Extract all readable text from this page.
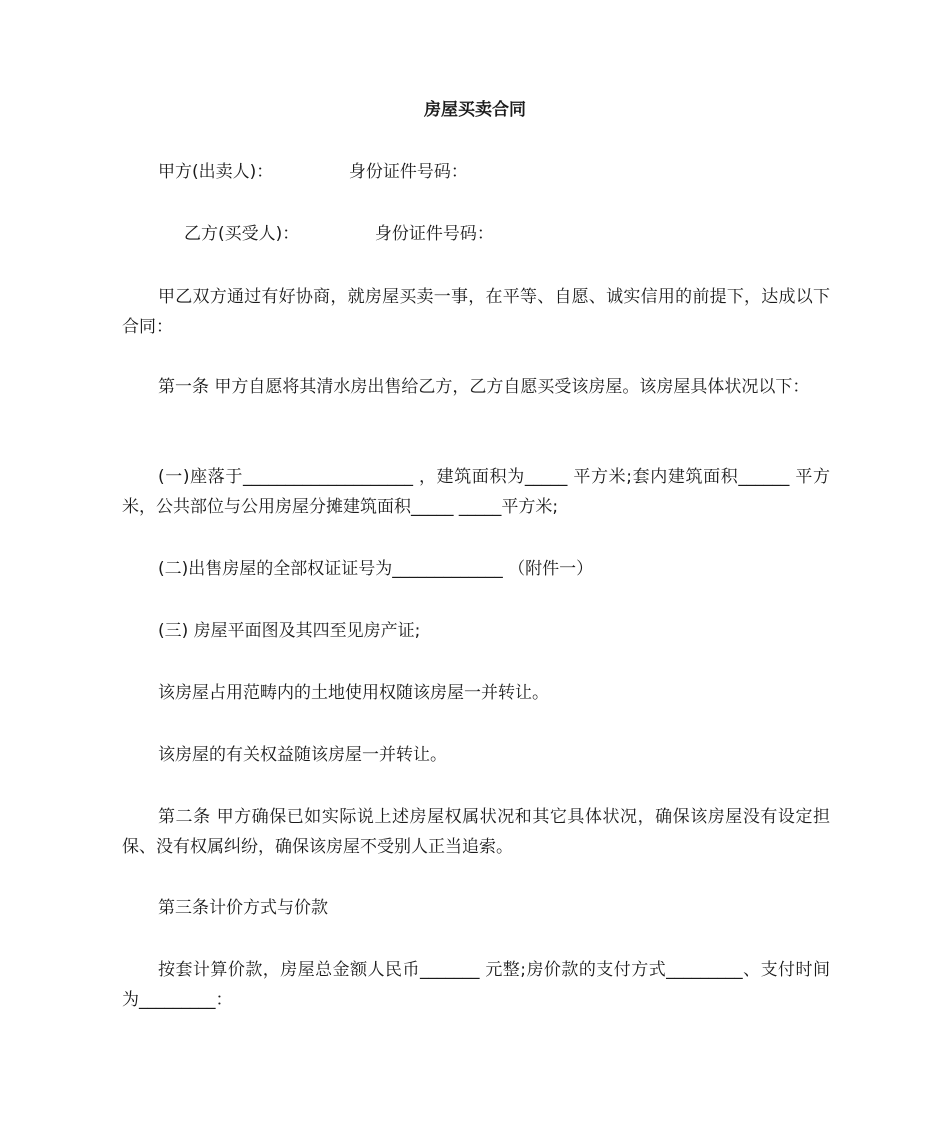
房屋买卖合同
甲方(出卖人)：              身份证件号码：
乙方(买受人)：              身份证件号码：
甲乙双方通过有好协商，就房屋买卖一事，在平等、自愿、诚实信用的前提下，达成以下合同：
第一条 甲方自愿将其清水房出售给乙方，乙方自愿买受该房屋。该房屋具体状况以下：
(一)座落于____________________ ，建筑面积为_____ 平方米;套内建筑面积______ 平方米，公共部位与公用房屋分摊建筑面积_____ _____平方米;
(二)出售房屋的全部权证证号为_____________ （附件一）
(三) 房屋平面图及其四至见房产证;
该房屋占用范畴内的土地使用权随该房屋一并转让。
该房屋的有关权益随该房屋一并转让。
第二条 甲方确保已如实际说上述房屋权属状况和其它具体状况，确保该房屋没有设定担保、没有权属纠纷，确保该房屋不受别人正当追索。
第三条计价方式与价款
按套计算价款，房屋总金额人民币_______ 元整;房价款的支付方式_________、支付时间为_________：
